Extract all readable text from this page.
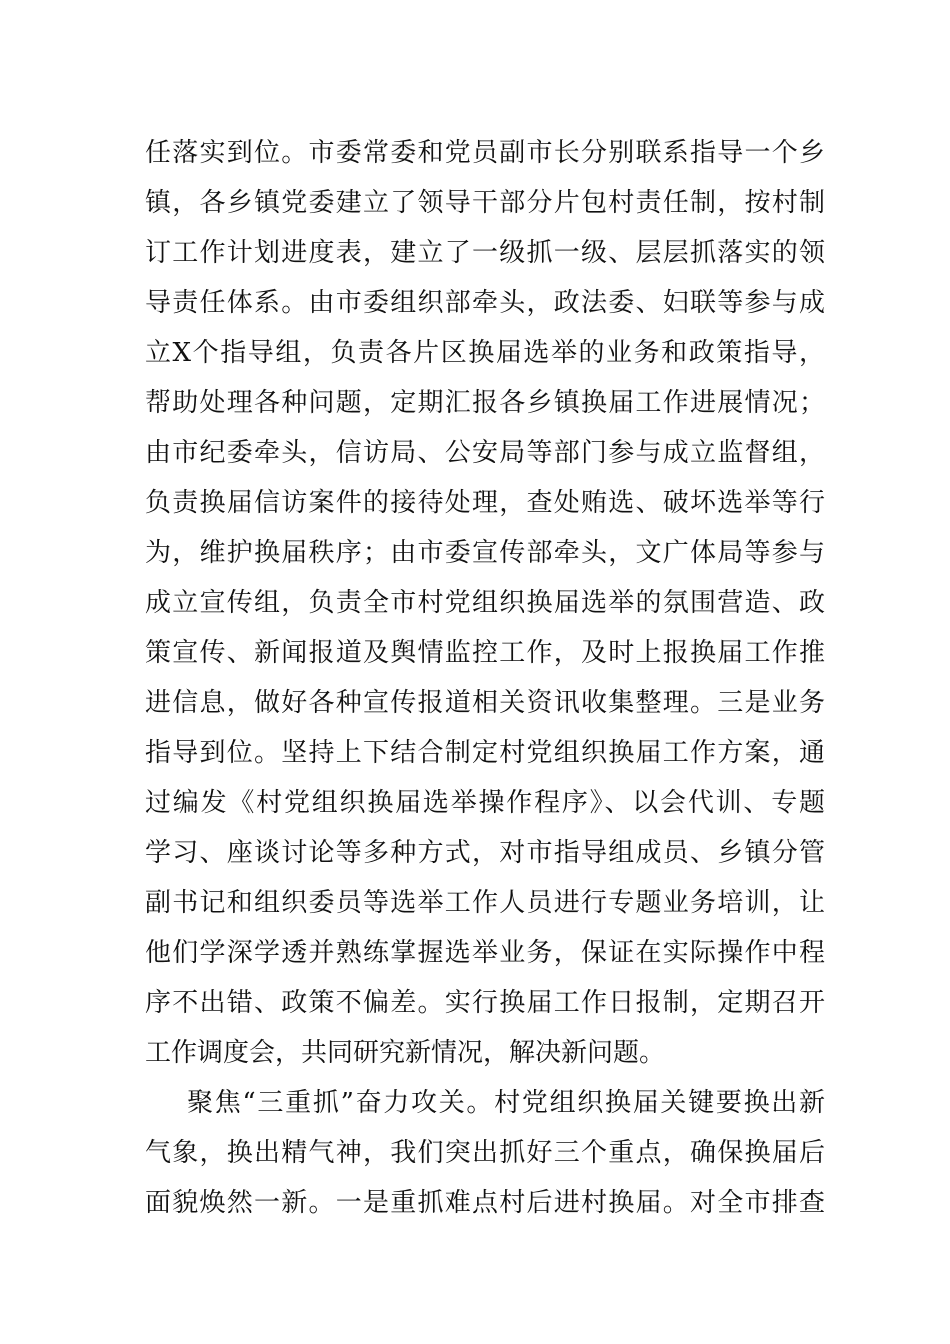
任落实到位。市委常委和党员副市长分别联系指导一个乡
镇，各乡镇党委建立了领导干部分片包村责任制，按村制
订工作计划进度表，建立了一级抓一级、层层抓落实的领
导责任体系。由市委组织部牵头，政法委、妇联等参与成
立X个指导组，负责各片区换届选举的业务和政策指导，
帮助处理各种问题，定期汇报各乡镇换届工作进展情况；
由市纪委牵头，信访局、公安局等部门参与成立监督组，
负责换届信访案件的接待处理，查处贿选、破坏选举等行
为，维护换届秩序；由市委宣传部牵头，文广体局等参与
成立宣传组，负责全市村党组织换届选举的氛围营造、政
策宣传、新闻报道及舆情监控工作，及时上报换届工作推
进信息，做好各种宣传报道相关资讯收集整理。三是业务
指导到位。坚持上下结合制定村党组织换届工作方案，通
过编发《村党组织换届选举操作程序》、以会代训、专题
学习、座谈讨论等多种方式，对市指导组成员、乡镇分管
副书记和组织委员等选举工作人员进行专题业务培训，让
他们学深学透并熟练掌握选举业务，保证在实际操作中程
序不出错、政策不偏差。实行换届工作日报制，定期召开
工作调度会，共同研究新情况，解决新问题。
聚焦“三重抓”奋力攻关。村党组织换届关键要换出新
气象，换出精气神，我们突出抓好三个重点，确保换届后
面貌焕然一新。一是重抓难点村后进村换届。对全市排查
